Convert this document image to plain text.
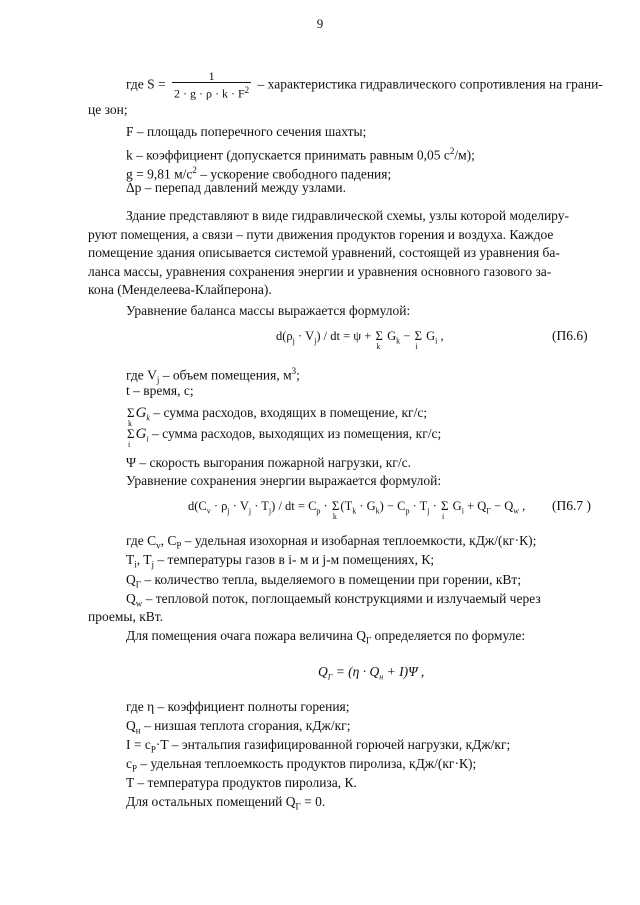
9
где $S = \frac{1}{2 \cdot g \cdot \rho \cdot k \cdot F^2}$ – характеристика гидравлического сопротивления на грани-
це зон;
F – площадь поперечного сечения шахты;
k – коэффициент (допускается принимать равным 0,05 $с^2/м$);
g = 9,81 $м/с^2$ – ускорение свободного падения;
Δp – перепад давлений между узлами.
Здание представляют в виде гидравлической схемы, узлы которой моделиру-
руют помещения, а связи – пути движения продуктов горения и воздуха. Каждое
помещение здания описывается системой уравнений, состоящей из уравнения ба-
ланса массы, уравнения сохранения энергии и уравнения основного газового за-
кона (Менделеева-Клайперона).
Уравнение баланса массы выражается формулой:
$d(\rho_j \cdot V_j)$ / dt = ψ + Σ
k
$G_k - \Sigma$
i
$G_i$ ,	(П6.6)
где $V_j$ – объем помещения, $м^3$;
t – время, с;
Σ
k
$G_k$ – сумма расходов, входящих в помещение, кг/с;
Σ
i
$G_i$ – сумма расходов, выходящих из помещения, кг/с;
Ψ – скорость выгорания пожарной нагрузки, кг/с.
Уравнение сохранения энергии выражается формулой:
$d(C_v \cdot \rho_j \cdot V_j \cdot T_j)$ / dt = $C_p \cdot \Sigma$
k
$(T_k \cdot G_k) - C_p \cdot T_j \cdot \Sigma$
i
$G_i + Q_Г - Q_w$ , (П6.7 )
где $C_v$, $C_P$ – удельная изохорная и изобарная теплоемкости, кДж/(кг·К);
$T_i$, $T_j$ – температуры газов в i- м и j-м помещениях, К;
$Q_Г$ – количество тепла, выделяемого в помещении при горении, кВт;
$Q_w$ – тепловой поток, поглощаемый конструкциями и излучаемый через
проемы, кВт.
Для помещения очага пожара величина $Q_Г$ определяется по формуле:
$Q_Г = (\eta \cdot Q_н + I)\Psi$ ,
где η – коэффициент полноты горения;
$Q_н$ – низшая теплота сгорания, кДж/кг;
$I = c_P\cdot T$ – энтальпия газифицированной горючей нагрузки, кДж/кг;
$c_P$ – удельная теплоемкость продуктов пиролиза, кДж/(кг·К);
T – температура продуктов пиролиза, К.
Для остальных помещений $Q_Г = 0$.
